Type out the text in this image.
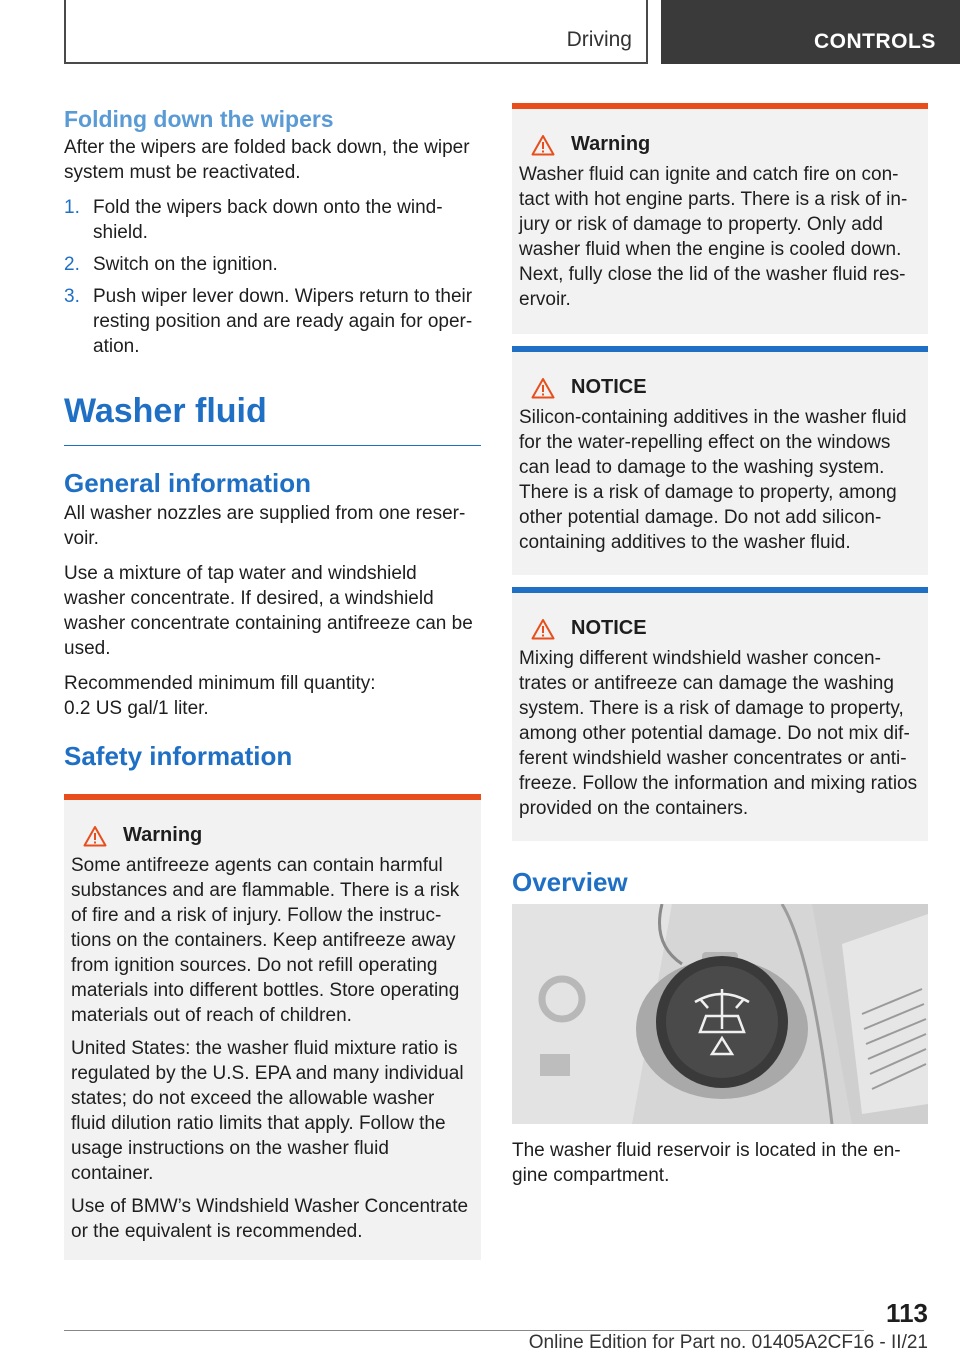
Driving	CONTROLS
Folding down the wipers

After the wipers are folded back down, the wiper system must be reactivated.

1. Fold the wipers back down onto the wind-shield.
2. Switch on the ignition.
3. Push wiper lever down. Wipers return to their resting position and are ready again for oper-ation.
Washer fluid
General information

All washer nozzles are supplied from one reser-voir.

Use a mixture of tap water and windshield washer concentrate. If desired, a windshield washer concentrate containing antifreeze can be used.

Recommended minimum fill quantity:
0.2 US gal/1 liter.

Safety information
Warning

Some antifreeze agents can contain harmful substances and are flammable. There is a risk of fire and a risk of injury. Follow the instruc-tions on the containers. Keep antifreeze away from ignition sources. Do not refill operating materials into different bottles. Store operating materials out of reach of children.

United States: the washer fluid mixture ratio is regulated by the U.S. EPA and many individual states; do not exceed the allowable washer fluid dilution ratio limits that apply. Follow the usage instructions on the washer fluid container.

Use of BMW’s Windshield Washer Concentrate or the equivalent is recommended.

Warning

Washer fluid can ignite and catch fire on con-tact with hot engine parts. There is a risk of in-jury or risk of damage to property. Only add washer fluid when the engine is cooled down. Next, fully close the lid of the washer fluid res-ervoir.

NOTICE

Silicon-containing additives in the washer fluid for the water-repelling effect on the windows can lead to damage to the washing system. There is a risk of damage to property, among other potential damage. Do not add silicon-containing additives to the washer fluid.

NOTICE

Mixing different windshield washer concen-trates or antifreeze can damage the washing system. There is a risk of damage to property, among other potential damage. Do not mix dif-ferent windshield washer concentrates or anti-freeze. Follow the information and mixing ratios provided on the containers.

Overview

The washer fluid reservoir is located in the en-gine compartment.

113
Online Edition for Part no. 01405A2CF16 - II/21
